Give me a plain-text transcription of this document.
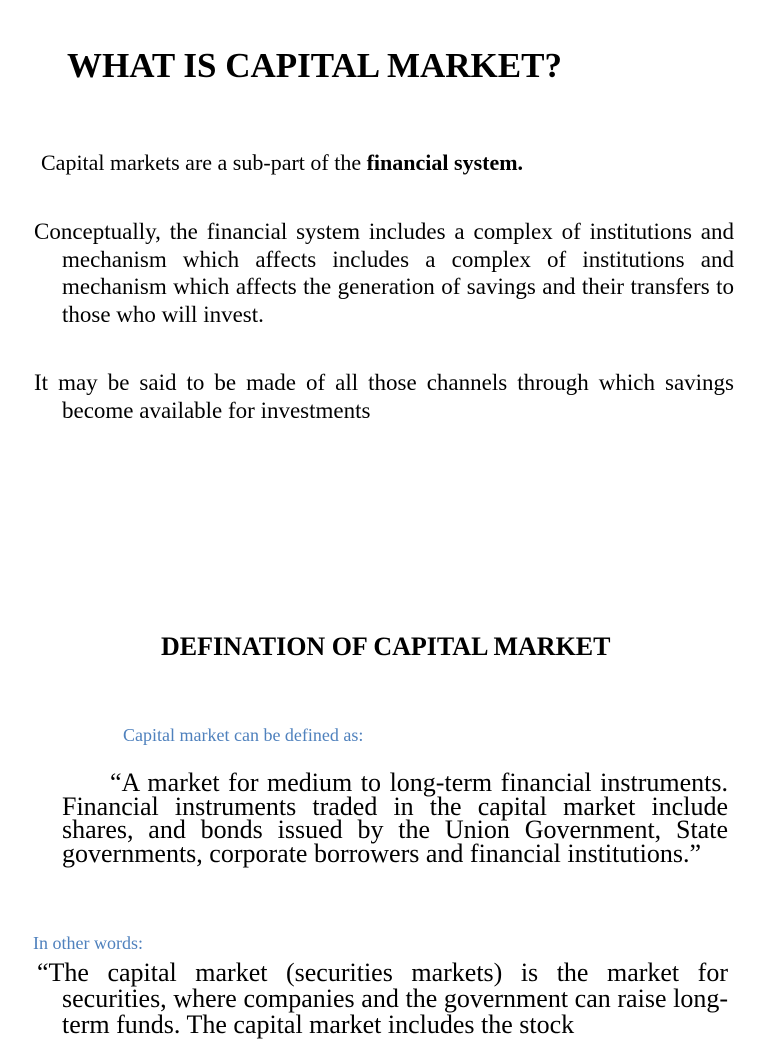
WHAT IS CAPITAL MARKET?

Capital markets are a sub-part of the financial system.

Conceptually, the financial system includes a complex of institutions and mechanism which affects includes a complex of institutions and mechanism which affects the generation of savings and their transfers to those who will invest.

It may be said to be made of all those channels through which savings become available for investments

DEFINATION OF CAPITAL MARKET

Capital market can be defined as:

“A market for medium to long-term financial instruments. Financial instruments traded in the capital market include shares, and bonds issued by the Union Government, State governments, corporate borrowers and financial institutions.”

In other words:

“The capital market (securities markets) is the market for securities, where companies and the government can raise long-term funds. The capital market includes the stock
